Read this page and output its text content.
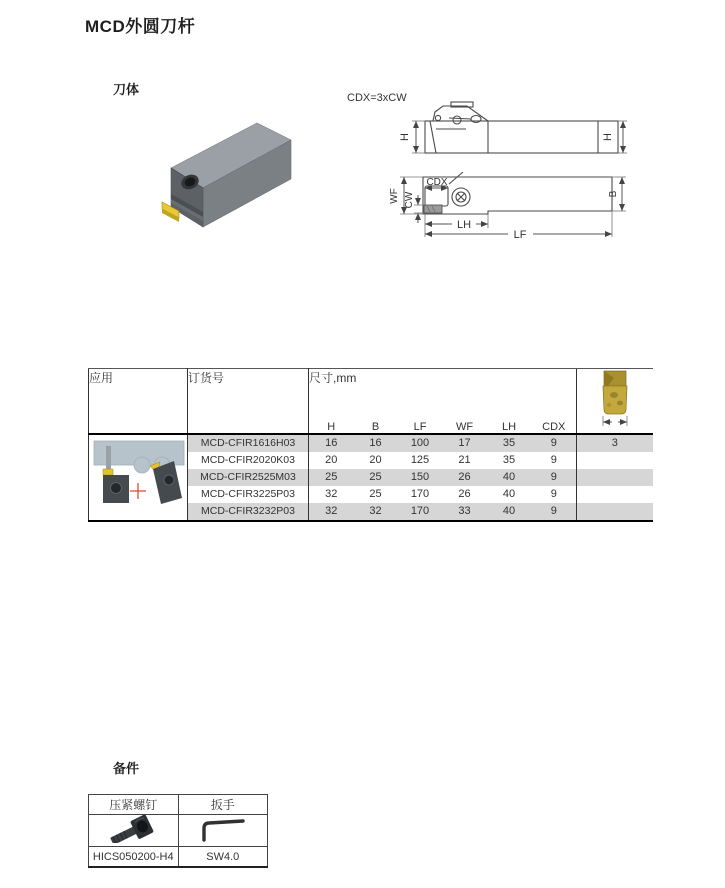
MCD外圆刀杆
刀体
CDX=3xCW
H	H
CDX
CW
WF	B
LH
LF
应用	订货号	尺寸,mm	
		H	B	LF	WF	LH	CDX	
	MCD-CFIR1616H03	16	16	100	17	35	9	3
	MCD-CFIR2020K03	20	20	125	21	35	9	
	MCD-CFIR2525M03	25	25	150	26	40	9	
	MCD-CFIR3225P03	32	25	170	26	40	9	
	MCD-CFIR3232P03	32	32	170	33	40	9	
备件
压紧螺钉	扳手

HICS050200-H4	SW4.0
